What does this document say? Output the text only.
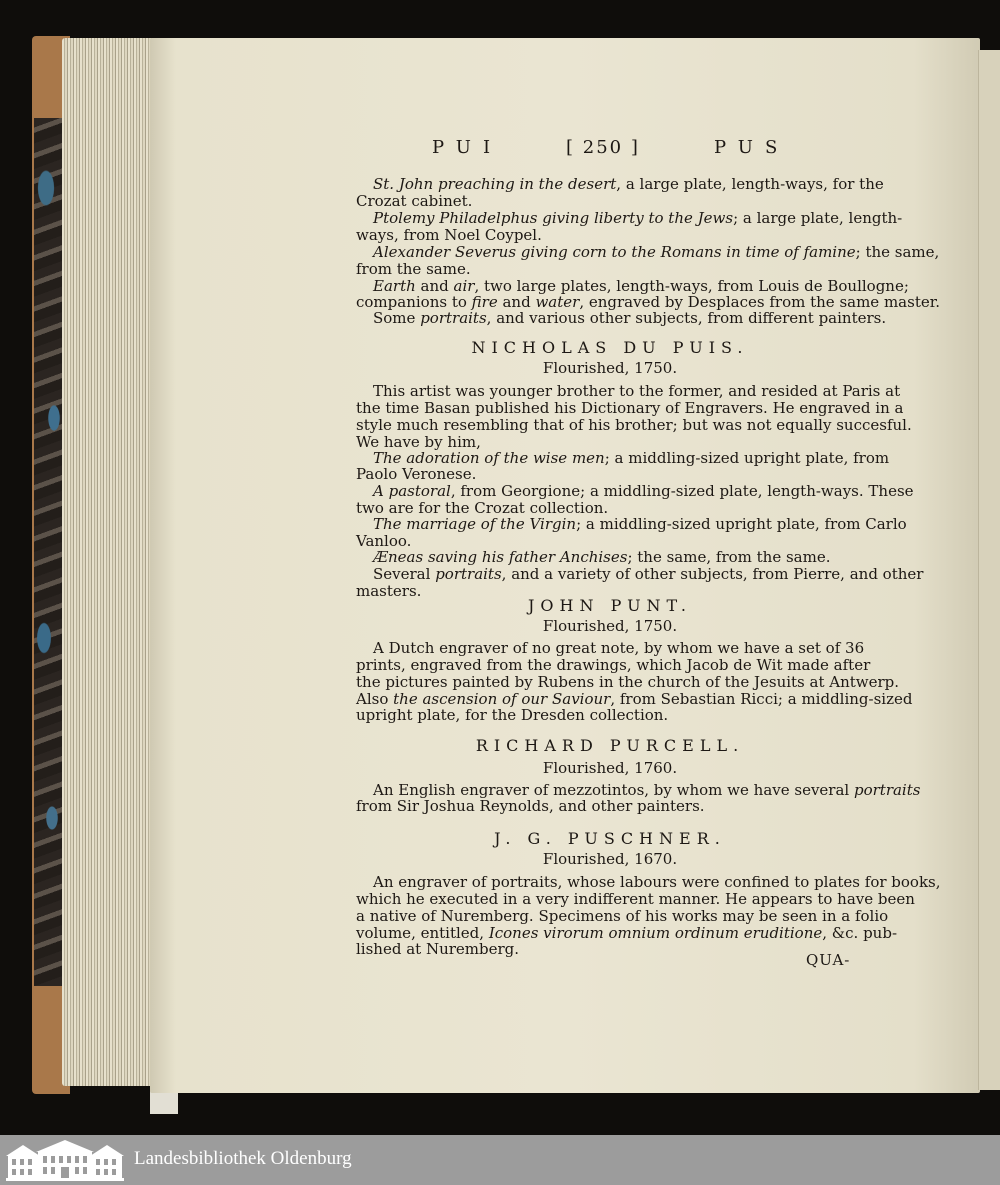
PUI	[ 250 ]	PUS
St. John preaching in the desert, a large plate, length-ways, for the
Crozat cabinet.
Ptolemy Philadelphus giving liberty to the Jews; a large plate, length-
ways, from Noel Coypel.
Alexander Severus giving corn to the Romans in time of famine; the same,
from the same.
Earth and air, two large plates, length-ways, from Louis de Boullogne;
companions to fire and water, engraved by Desplaces from the same master.
Some portraits, and various other subjects, from different painters.
NICHOLAS DU PUIS.
Flourished, 1750.
This artist was younger brother to the former, and resided at Paris at
the time Basan published his Dictionary of Engravers. He engraved in a
style much resembling that of his brother; but was not equally succesful.
We have by him,
The adoration of the wise men; a middling-sized upright plate, from
Paolo Veronese.
A pastoral, from Georgione; a middling-sized plate, length-ways. These
two are for the Crozat collection.
The marriage of the Virgin; a middling-sized upright plate, from Carlo
Vanloo.
Æneas saving his father Anchises; the same, from the same.
Several portraits, and a variety of other subjects, from Pierre, and other
masters.
JOHN PUNT.
Flourished, 1750.
A Dutch engraver of no great note, by whom we have a set of 36
prints, engraved from the drawings, which Jacob de Wit made after
the pictures painted by Rubens in the church of the Jesuits at Antwerp.
Also the ascension of our Saviour, from Sebastian Ricci; a middling-sized
upright plate, for the Dresden collection.
RICHARD PURCELL.
Flourished, 1760.
An English engraver of mezzotintos, by whom we have several portraits
from Sir Joshua Reynolds, and other painters.
J. G. PUSCHNER.
Flourished, 1670.
An engraver of portraits, whose labours were confined to plates for books,
which he executed in a very indifferent manner. He appears to have been
a native of Nuremberg. Specimens of his works may be seen in a folio
volume, entitled, Icones virorum omnium ordinum eruditione, &c. pub-
lished at Nuremberg.
QUA-
Landesbibliothek Oldenburg
